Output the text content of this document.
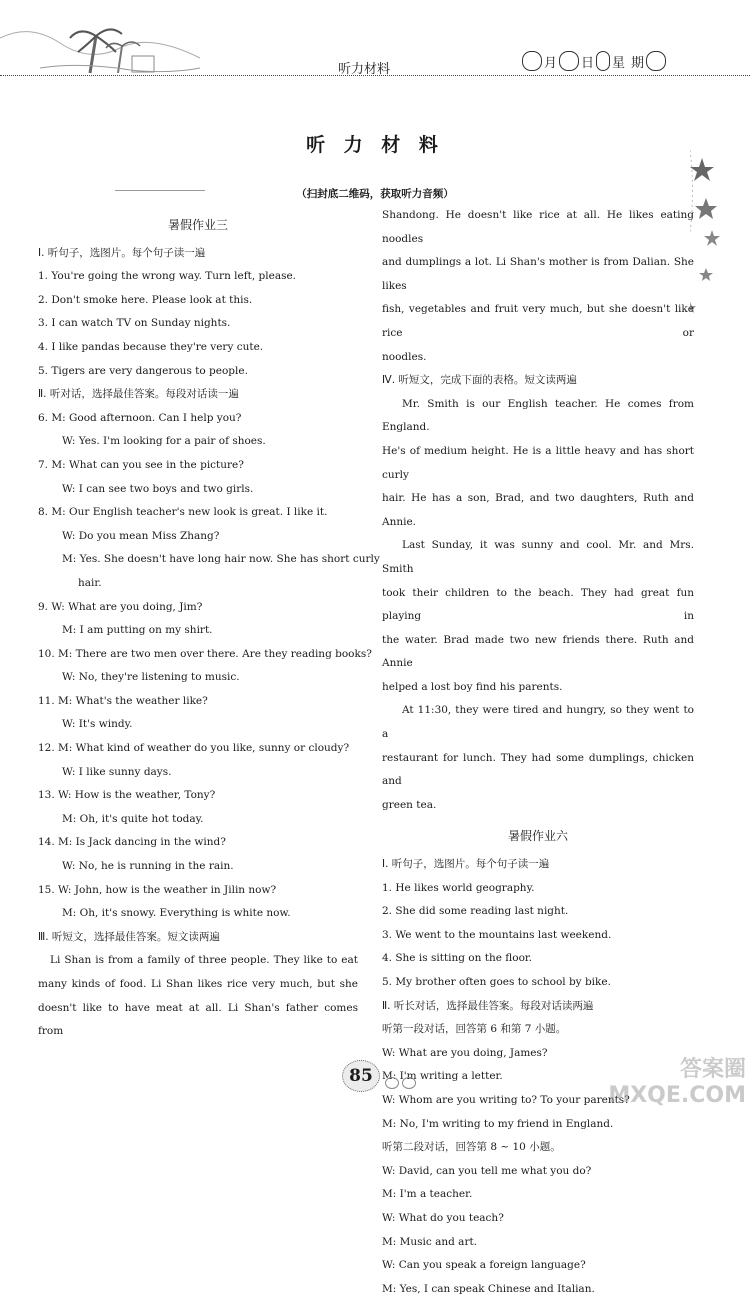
听力材料	月 日 星 期
听 力 材 料
（扫封底二维码，获取听力音频）
暑假作业三
Ⅰ. 听句子，选图片。每个句子读一遍
1. You're going the wrong way. Turn left, please.
2. Don't smoke here. Please look at this.
3. I can watch TV on Sunday nights.
4. I like pandas because they're very cute.
5. Tigers are very dangerous to people.
Ⅱ. 听对话，选择最佳答案。每段对话读一遍
6. M: Good afternoon. Can I help you?
W: Yes. I'm looking for a pair of shoes.
7. M: What can you see in the picture?
W: I can see two boys and two girls.
8. M: Our English teacher's new look is great. I like it.
W: Do you mean Miss Zhang?
M: Yes. She doesn't have long hair now. She has short curly
hair.
9. W: What are you doing, Jim?
M: I am putting on my shirt.
10. M: There are two men over there. Are they reading books?
W: No, they're listening to music.
11. M: What's the weather like?
W: It's windy.
12. M: What kind of weather do you like, sunny or cloudy?
W: I like sunny days.
13. W: How is the weather, Tony?
M: Oh, it's quite hot today.
14. M: Is Jack dancing in the wind?
W: No, he is running in the rain.
15. W: John, how is the weather in Jilin now?
M: Oh, it's snowy. Everything is white now.
Ⅲ. 听短文，选择最佳答案。短文读两遍
Li Shan is from a family of three people. They like to eat
many kinds of food. Li Shan likes rice very much, but she
doesn't like to have meat at all. Li Shan's father comes from
Shandong. He doesn't like rice at all. He likes eating noodles
and dumplings a lot. Li Shan's mother is from Dalian. She likes
fish, vegetables and fruit very much, but she doesn't like rice or
noodles.
Ⅳ. 听短文，完成下面的表格。短文读两遍
Mr. Smith is our English teacher. He comes from England.
He's of medium height. He is a little heavy and has short curly
hair. He has a son, Brad, and two daughters, Ruth and Annie.
Last Sunday, it was sunny and cool. Mr. and Mrs. Smith
took their children to the beach. They had great fun playing in
the water. Brad made two new friends there. Ruth and Annie
helped a lost boy find his parents.
At 11:30, they were tired and hungry, so they went to a
restaurant for lunch. They had some dumplings, chicken and
green tea.
暑假作业六
Ⅰ. 听句子，选图片。每个句子读一遍
1. He likes world geography.
2. She did some reading last night.
3. We went to the mountains last weekend.
4. She is sitting on the floor.
5. My brother often goes to school by bike.
Ⅱ. 听长对话，选择最佳答案。每段对话读两遍
听第一段对话，回答第 6 和第 7 小题。
W: What are you doing, James?
M: I'm writing a letter.
W: Whom are you writing to? To your parents?
M: No, I'm writing to my friend in England.
听第二段对话，回答第 8 ~ 10 小题。
W: David, can you tell me what you do?
M: I'm a teacher.
W: What do you teach?
M: Music and art.
W: Can you speak a foreign language?
M: Yes, I can speak Chinese and Italian.
85	答案圈
MXQE.COM
